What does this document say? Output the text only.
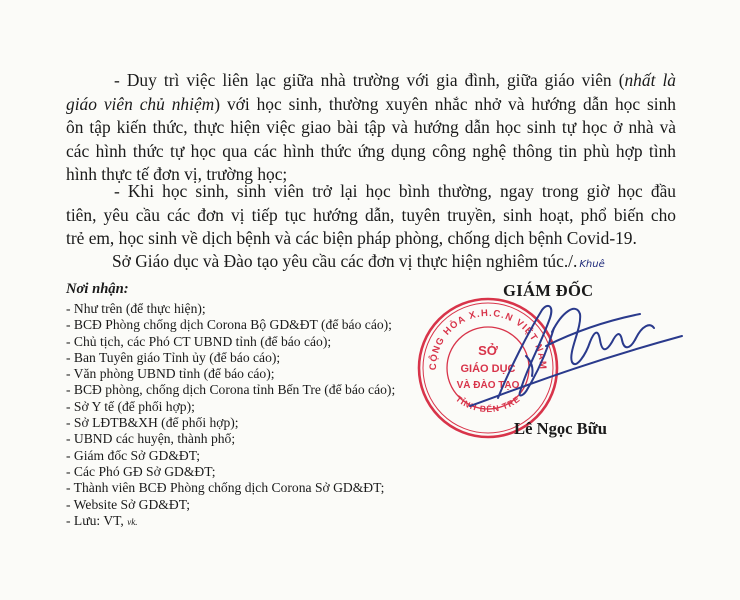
- Duy trì việc liên lạc giữa nhà trường với gia đình, giữa giáo viên (nhất là
giáo viên chủ nhiệm) với học sinh, thường xuyên nhắc nhở và hướng dẫn học sinh
ôn tập kiến thức, thực hiện việc giao bài tập và hướng dẫn học sinh tự học ở nhà và
các hình thức tự học qua các hình thức ứng dụng công nghệ thông tin phù hợp tình
hình thực tế đơn vị, trường học;

- Khi học sinh, sinh viên trở lại học bình thường, ngay trong giờ học đầu
tiên, yêu cầu các đơn vị tiếp tục hướng dẫn, tuyên truyền, sinh hoạt, phổ biến cho
trẻ em, học sinh về dịch bệnh và các biện pháp phòng, chống dịch bệnh Covid-19.

Sở Giáo dục và Đào tạo yêu cầu các đơn vị thực hiện nghiêm túc./. Khuê
Nơi nhận:
- Như trên (để thực hiện);
- BCĐ Phòng chống dịch Corona Bộ GD&ĐT (để báo cáo);
- Chủ tịch, các Phó CT UBND tỉnh (để báo cáo);
- Ban Tuyên giáo Tỉnh ủy (để báo cáo);
- Văn phòng UBND tỉnh (để báo cáo);
- BCĐ phòng, chống dịch Corona tỉnh Bến Tre (để báo cáo);
- Sở Y tế (để phối hợp);
- Sở LĐTB&XH (để phối hợp);
- UBND các huyện, thành phố;
- Giám đốc Sở GD&ĐT;
- Các Phó GĐ Sở GD&ĐT;
- Thành viên BCĐ Phòng chống dịch Corona Sở GD&ĐT;
- Website Sở GD&ĐT;
- Lưu: VT, vk.
GIÁM ĐỐC
CỘNG HÒA X.H.C.N VIỆT NAM
TỈNH BẾN TRE
SỞ
GIÁO DỤC
VÀ ĐÀO TẠO
Lê Ngọc Bữu
